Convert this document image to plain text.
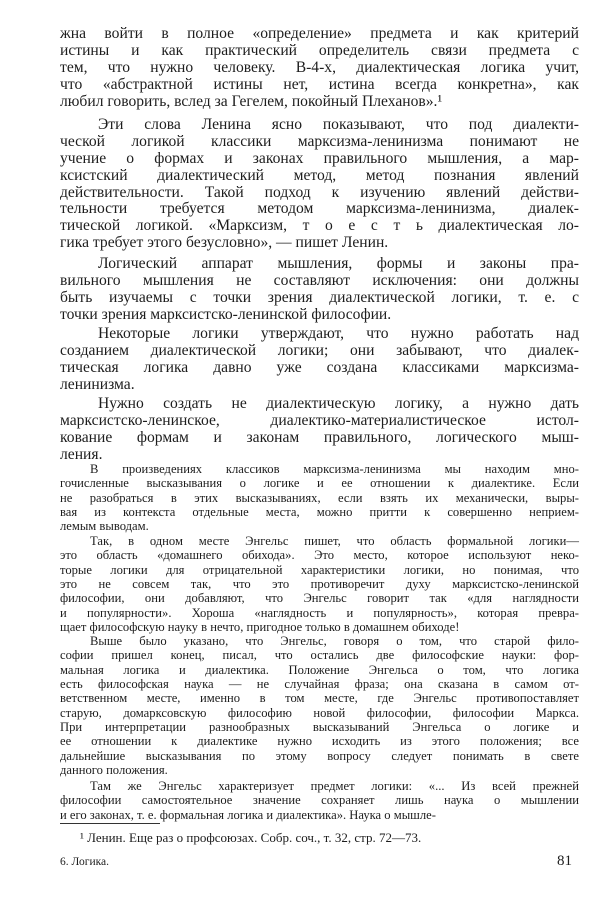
жна войти в полное «определение» предмета и как критерий
истины и как практический определитель связи предмета с
тем, что нужно человеку. В-4-х, диалектическая логика учит,
что «абстрактной истины нет, истина всегда конкретна», как
любил говорить, вслед за Гегелем, покойный Плеханов».¹
Эти слова Ленина ясно показывают, что под диалекти-
ческой логикой классики марксизма-ленинизма понимают не
учение о формах и законах правильного мышления, а мар-
ксистский диалектический метод, метод познания явлений
действительности. Такой подход к изучению явлений действи-
тельности требуется методом марксизма-ленинизма, диалек-
тической логикой. «Марксизм, т о е с т ь диалектическая ло-
гика требует этого безусловно», — пишет Ленин.
Логический аппарат мышления, формы и законы пра-
вильного мышления не составляют исключения: они должны
быть изучаемы с точки зрения диалектической логики, т. е. с
точки зрения марксистско-ленинской философии.
Некоторые логики утверждают, что нужно работать над
созданием диалектической логики; они забывают, что диалек-
тическая логика давно уже создана классиками марксизма-
ленинизма.
Нужно создать не диалектическую логику, а нужно дать
марксистско-ленинское, диалектико-материалистическое истол-
кование формам и законам правильного, логического мыш-
ления.
В произведениях классиков марксизма-ленинизма мы находим мно-
гочисленные высказывания о логике и ее отношении к диалектике. Если
не разобраться в этих высказываниях, если взять их механически, выры-
вая из контекста отдельные места, можно притти к совершенно неприем-
лемым выводам.
Так, в одном месте Энгельс пишет, что область формальной логики—
это область «домашнего обихода». Это место, которое используют неко-
торые логики для отрицательной характеристики логики, но понимая, что
это не совсем так, что это противоречит духу марксистско-ленинской
философии, они добавляют, что Энгельс говорит так «для наглядности
и популярности». Хороша «наглядность и популярность», которая превра-
щает философскую науку в нечто, пригодное только в домашнем обиходе!
Выше было указано, что Энгельс, говоря о том, что старой фило-
софии пришел конец, писал, что остались две философские науки: фор-
мальная логика и диалектика. Положение Энгельса о том, что логика
есть философская наука — не случайная фраза; она сказана в самом от-
ветственном месте, именно в том месте, где Энгельс противопоставляет
старую, домарксовскую философию новой философии, философии Маркса.
При интерпретации разнообразных высказываний Энгельса о логике и
ее отношении к диалектике нужно исходить из этого положения; все
дальнейшие высказывания по этому вопросу следует понимать в свете
данного положения.
Там же Энгельс характеризует предмет логики: «... Из всей прежней
философии самостоятельное значение сохраняет лишь наука о мышлении
и его законах, т. е. формальная логика и диалектика». Наука о мышле-
¹ Ленин. Еще раз о профсоюзах. Собр. соч., т. 32, стр. 72—73.
6. Логика.	81
